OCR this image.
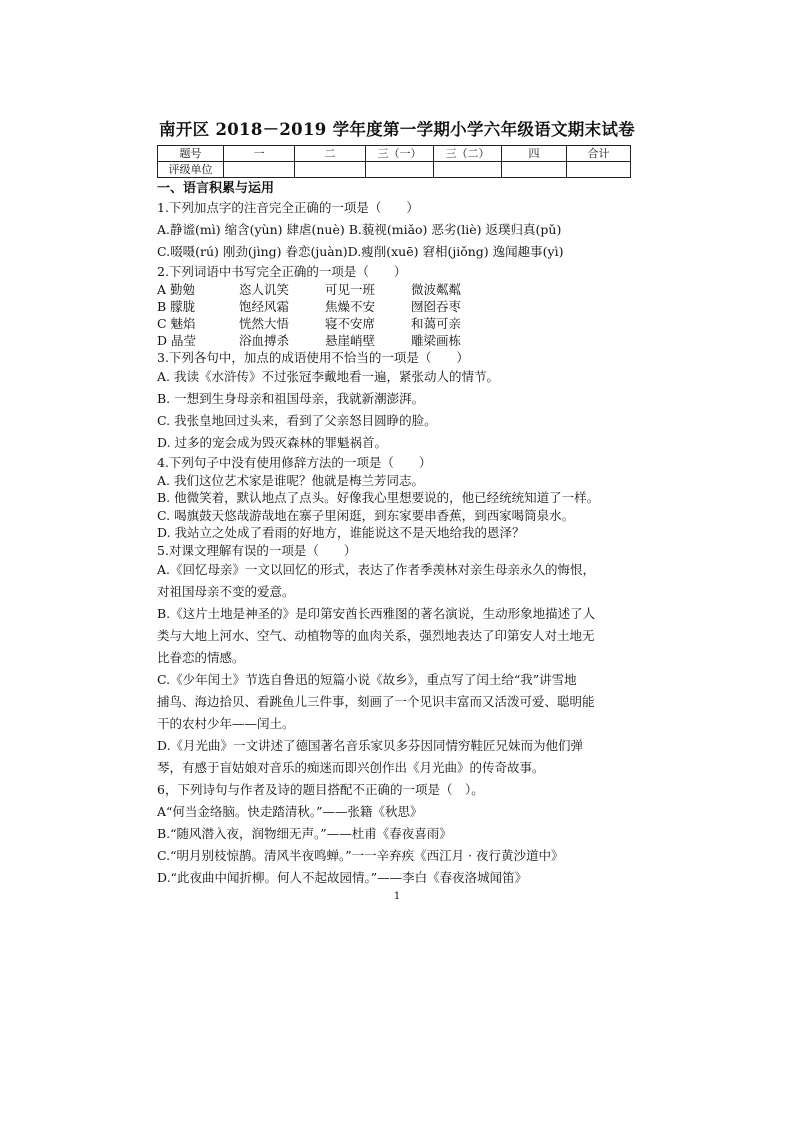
南开区 2018－2019 学年度第一学期小学六年级语文期末试卷
题号	一	二	三（一）	三（二）	四	合计
评级单位						
一、语言积累与运用
1.下列加点字的注音完全正确的一项是（　　）
A.静谧(mì) 缩含(yùn) 肆虐(nuè) B.藐视(miǎo) 恶劣(liè) 返璞归真(pǔ)
C.啜嗫(rú) 刚劲(jìng) 眷恋(juàn)D.瘦削(xuē) 窘相(jiǒng) 逸闻趣事(yì)
2.下列词语中书写完全正确的一项是（　　）
A 勤勉	恣人讥笑	可见一班	微波粼粼
B 朦胧	饱经风霜	焦燥不安	囫囵吞枣
C 魅焰	恍然大悟	寝不安席	和蔼可亲
D 晶莹	浴血搏杀	悬崖峭壁	雕梁画栋
3.下列各句中，加点的成语使用不恰当的一项是（　　）
A. 我读《水浒传》不过张冠李戴地看一遍，紧张动人的情节。
B. 一想到生身母亲和祖国母亲，我就新潮澎湃。
C. 我张皇地回过头来，看到了父亲怒目圆睁的脸。
D. 过多的宠会成为毁灭森林的罪魁祸首。
4.下列句子中没有使用修辞方法的一项是（　　）
A. 我们这位艺术家是谁呢？他就是梅兰芳同志。
B. 他微笑着，默认地点了点头。好像我心里想要说的，他已经统统知道了一样。
C. 喝旗鼓天悠哉游哉地在寨子里闲逛，到东家要串香蕉，到西家喝筒泉水。
D. 我站立之处成了看雨的好地方，谁能说这不是天地给我的恩泽？
5.对课文理解有误的一项是（　　）
A.《回忆母亲》一文以回忆的形式，表达了作者季羡林对亲生母亲永久的悔恨，
对祖国母亲不变的爱意。
B.《这片土地是神圣的》是印第安酋长西雅图的著名演说，生动形象地描述了人
类与大地上河水、空气、动植物等的血肉关系，强烈地表达了印第安人对土地无
比眷恋的情感。
C.《少年闰土》节选自鲁迅的短篇小说《故乡》，重点写了闰土给“我”讲雪地
捕鸟、海边拾贝、看跳鱼儿三件事，刻画了一个见识丰富而又活泼可爱、聪明能
干的农村少年——闰土。
D.《月光曲》一文讲述了德国著名音乐家贝多芬因同情穷鞋匠兄妹而为他们弹
琴，有感于盲姑娘对音乐的痴迷而即兴创作出《月光曲》的传奇故事。
6，下列诗句与作者及诗的题目搭配不正确的一项是（　）。
A“何当金络脑。快走踏清秋。”——张籍《秋思》
B.“随风潜入夜，润物细无声。”——杜甫《春夜喜雨》
C.“明月别枝惊鹊。清风半夜鸣蝉。”一一辛弃疾《西江月 · 夜行黄沙道中》
D.“此夜曲中闻折柳。何人不起故园情。”——李白《春夜洛城闻笛》
1
